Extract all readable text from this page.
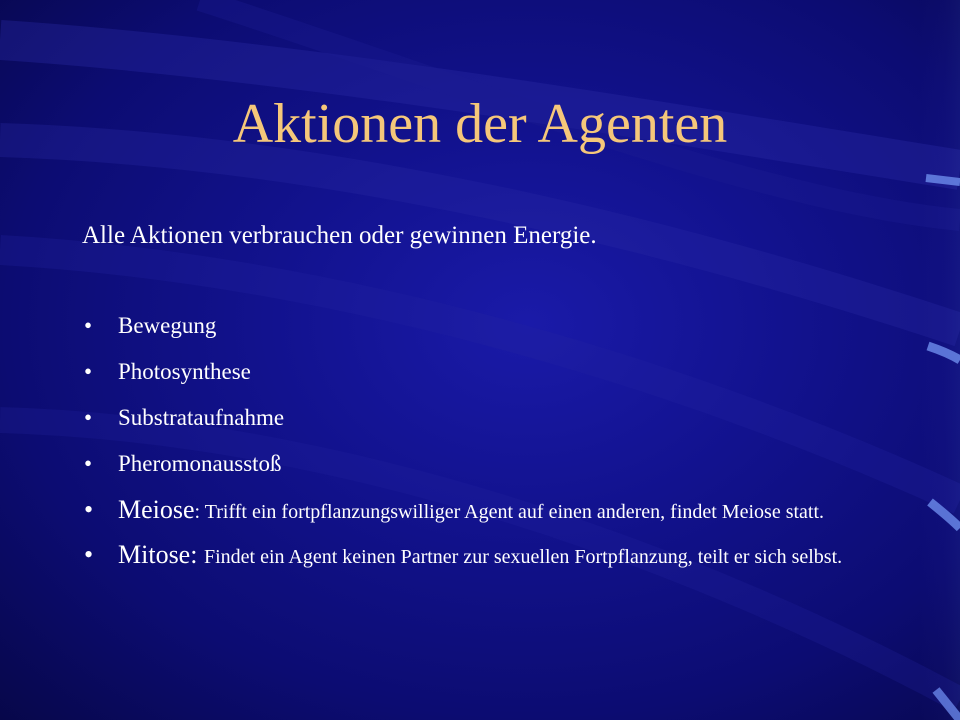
Aktionen der Agenten
Alle Aktionen verbrauchen oder gewinnen Energie.
• Bewegung
• Photosynthese
• Substrataufnahme
• Pheromonausstoß
• Meiose: Trifft ein fortpflanzungswilliger Agent auf einen anderen, findet Meiose statt.
• Mitose: Findet ein Agent keinen Partner zur sexuellen Fortpflanzung, teilt er sich selbst.
